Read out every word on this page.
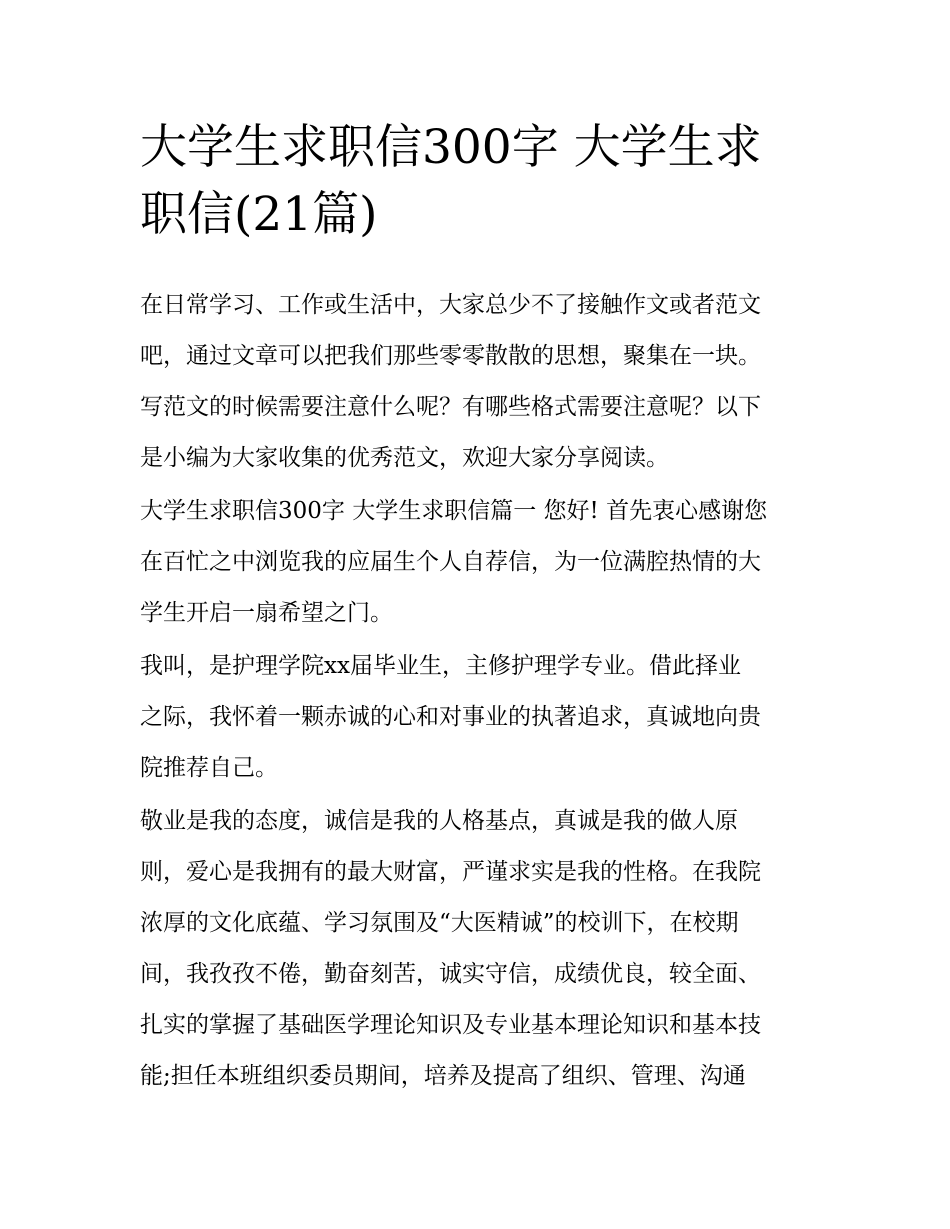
大学生求职信300字 大学生求
职信(21篇)

在日常学习、工作或生活中，大家总少不了接触作文或者范文
吧，通过文章可以把我们那些零零散散的思想，聚集在一块。
写范文的时候需要注意什么呢？有哪些格式需要注意呢？以下
是小编为大家收集的优秀范文，欢迎大家分享阅读。

大学生求职信300字 大学生求职信篇一 您好! 首先衷心感谢您
在百忙之中浏览我的应届生个人自荐信，为一位满腔热情的大
学生开启一扇希望之门。

我叫，是护理学院xx届毕业生，主修护理学专业。借此择业
之际，我怀着一颗赤诚的心和对事业的执著追求，真诚地向贵
院推荐自己。

敬业是我的态度，诚信是我的人格基点，真诚是我的做人原
则，爱心是我拥有的最大财富，严谨求实是我的性格。在我院
浓厚的文化底蕴、学习氛围及“大医精诚”的校训下，在校期
间，我孜孜不倦，勤奋刻苦，诚实守信，成绩优良，较全面、
扎实的掌握了基础医学理论知识及专业基本理论知识和基本技
能;担任本班组织委员期间，培养及提高了组织、管理、沟通
